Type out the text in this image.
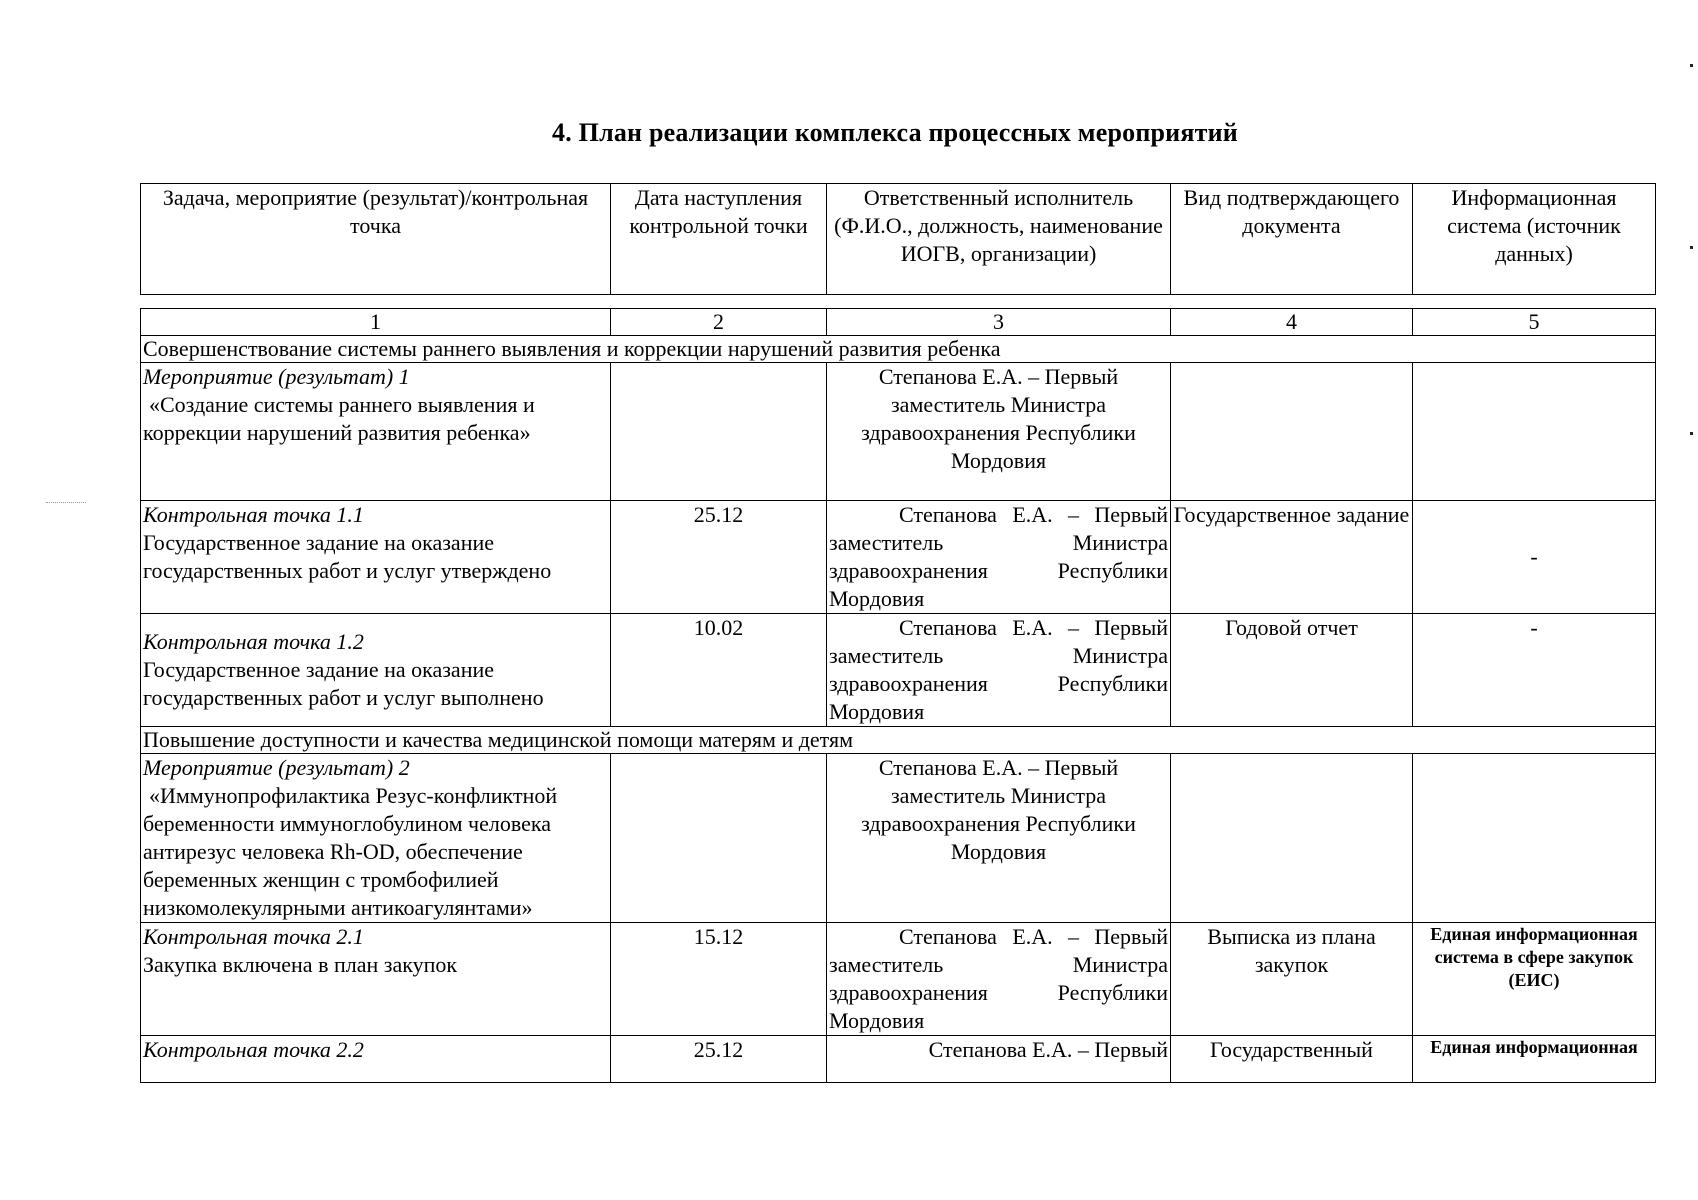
4. План реализации комплекса процессных мероприятий
Задача, мероприятие (результат)/контрольная точка	Дата наступления контрольной точки	Ответственный исполнитель (Ф.И.О., должность, наименование ИОГВ, организации)	Вид подтверждающего документа	Информационная система (источник данных)
1	2	3	4	5
Совершенствование системы раннего выявления и коррекции нарушений развития ребенка				

Мероприятие (результат) 1
«Создание системы раннего выявления и коррекции нарушений развития ребенка»		Степанова Е.А. – Первый заместитель Министра здравоохранения Республики Мордовия		

Контрольная точка 1.1
Государственное задание на оказание государственных работ и услуг утверждено	25.12	Степанова Е.А. – Первый заместитель Министра здравоохранения Республики Мордовия	Государственное задание	-

Контрольная точка 1.2
Государственное задание на оказание государственных работ и услуг выполнено	10.02	Степанова Е.А. – Первый заместитель Министра здравоохранения Республики Мордовия	Годовой отчет	-
Повышение доступности и качества медицинской помощи матерям и детям				

Мероприятие (результат) 2
«Иммунопрофилактика Резус-конфликтной беременности иммуноглобулином человека антирезус человека Rh-OD, обеспечение беременных женщин с тромбофилией низкомолекулярными антикоагулянтами»		Степанова Е.А. – Первый заместитель Министра здравоохранения Республики Мордовия		

Контрольная точка 2.1
Закупка включена в план закупок	15.12	Степанова Е.А. – Первый заместитель Министра здравоохранения Республики Мордовия	Выписка из плана закупок	Единая информационная система в сфере закупок (ЕИС)

Контрольная точка 2.2	25.12	Степанова Е.А. – Первый	Государственный	Единая информационная
